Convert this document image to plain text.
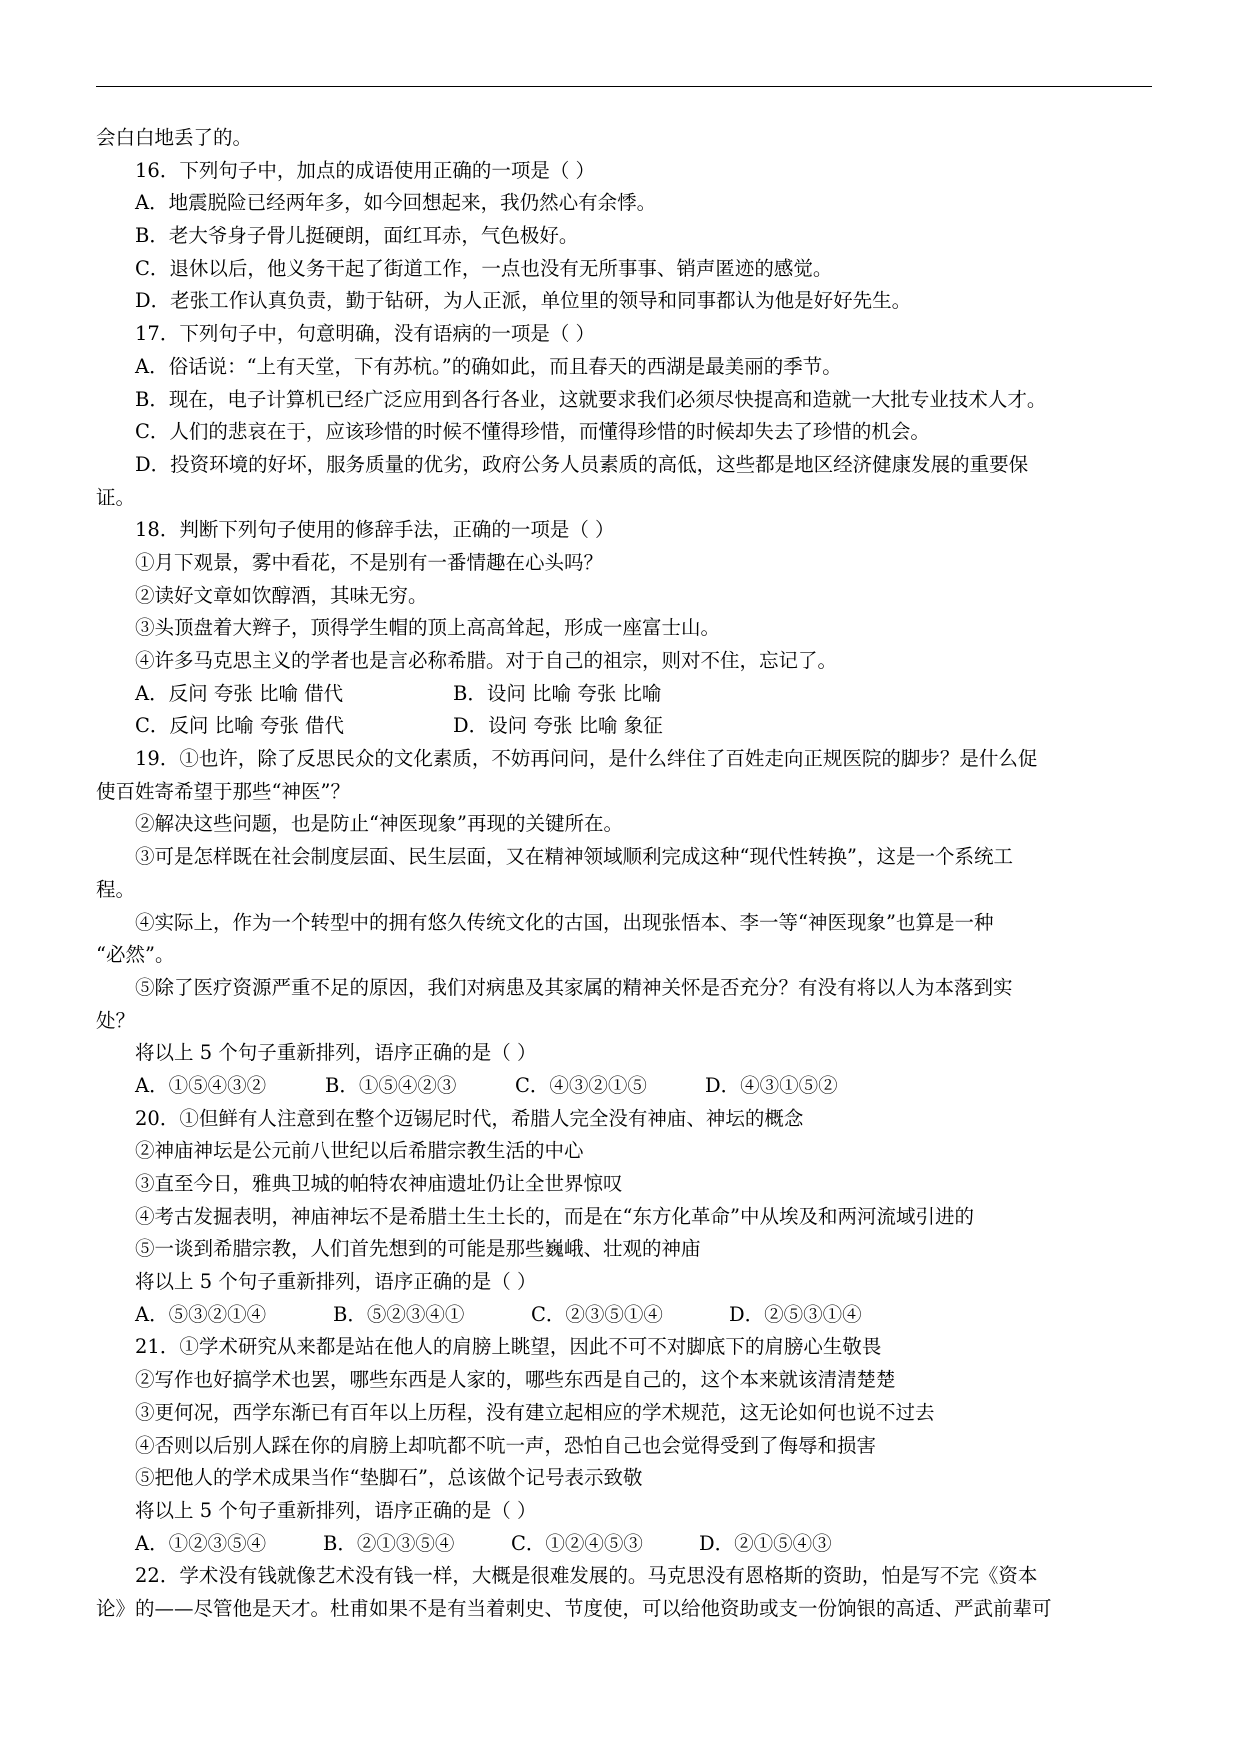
会白白地丢了的。
16．下列句子中，加点的成语使用正确的一项是（ ）
A．地震脱险已经两年多，如今回想起来，我仍然心有余悸。
B．老大爷身子骨儿挺硬朗，面红耳赤，气色极好。
C．退休以后，他义务干起了街道工作，一点也没有无所事事、销声匿迹的感觉。
D．老张工作认真负责，勤于钻研，为人正派，单位里的领导和同事都认为他是好好先生。
17．下列句子中，句意明确，没有语病的一项是（ ）
A．俗话说：“上有天堂，下有苏杭。”的确如此，而且春天的西湖是最美丽的季节。
B．现在，电子计算机已经广泛应用到各行各业，这就要求我们必须尽快提高和造就一大批专业技术人才。
C．人们的悲哀在于，应该珍惜的时候不懂得珍惜，而懂得珍惜的时候却失去了珍惜的机会。
D．投资环境的好坏，服务质量的优劣，政府公务人员素质的高低，这些都是地区经济健康发展的重要保
证。
18．判断下列句子使用的修辞手法，正确的一项是（ ）
①月下观景，雾中看花，不是别有一番情趣在心头吗？
②读好文章如饮醇酒，其味无穷。
③头顶盘着大辫子，顶得学生帽的顶上高高耸起，形成一座富士山。
④许多马克思主义的学者也是言必称希腊。对于自己的祖宗，则对不住，忘记了。
A．反问 夸张 比喻 借代	B．设问 比喻 夸张 比喻
C．反问 比喻 夸张 借代	D．设问 夸张 比喻 象征
19．①也许，除了反思民众的文化素质，不妨再问问，是什么绊住了百姓走向正规医院的脚步？是什么促
使百姓寄希望于那些“神医”？
②解决这些问题，也是防止“神医现象”再现的关键所在。
③可是怎样既在社会制度层面、民生层面，又在精神领域顺利完成这种“现代性转换”，这是一个系统工
程。
④实际上，作为一个转型中的拥有悠久传统文化的古国，出现张悟本、李一等“神医现象”也算是一种
“必然”。
⑤除了医疗资源严重不足的原因，我们对病患及其家属的精神关怀是否充分？有没有将以人为本落到实
处？
将以上 5 个句子重新排列，语序正确的是（ ）
A．①⑤④③②	B．①⑤④②③	C．④③②①⑤	D．④③①⑤②
20．①但鲜有人注意到在整个迈锡尼时代，希腊人完全没有神庙、神坛的概念
②神庙神坛是公元前八世纪以后希腊宗教生活的中心
③直至今日，雅典卫城的帕特农神庙遗址仍让全世界惊叹
④考古发掘表明，神庙神坛不是希腊土生土长的，而是在“东方化革命”中从埃及和两河流域引进的
⑤一谈到希腊宗教，人们首先想到的可能是那些巍峨、壮观的神庙
将以上 5 个句子重新排列，语序正确的是（ ）
A．⑤③②①④	B．⑤②③④①	C．②③⑤①④	D．②⑤③①④
21．①学术研究从来都是站在他人的肩膀上眺望，因此不可不对脚底下的肩膀心生敬畏
②写作也好搞学术也罢，哪些东西是人家的，哪些东西是自己的，这个本来就该清清楚楚
③更何况，西学东渐已有百年以上历程，没有建立起相应的学术规范，这无论如何也说不过去
④否则以后别人踩在你的肩膀上却吭都不吭一声，恐怕自己也会觉得受到了侮辱和损害
⑤把他人的学术成果当作“垫脚石”，总该做个记号表示致敬
将以上 5 个句子重新排列，语序正确的是（ ）
A．①②③⑤④	B．②①③⑤④	C．①②④⑤③	D．②①⑤④③
22．学术没有钱就像艺术没有钱一样，大概是很难发展的。马克思没有恩格斯的资助，怕是写不完《资本
论》的——尽管他是天才。杜甫如果不是有当着刺史、节度使，可以给他资助或支一份饷银的高适、严武前辈可
